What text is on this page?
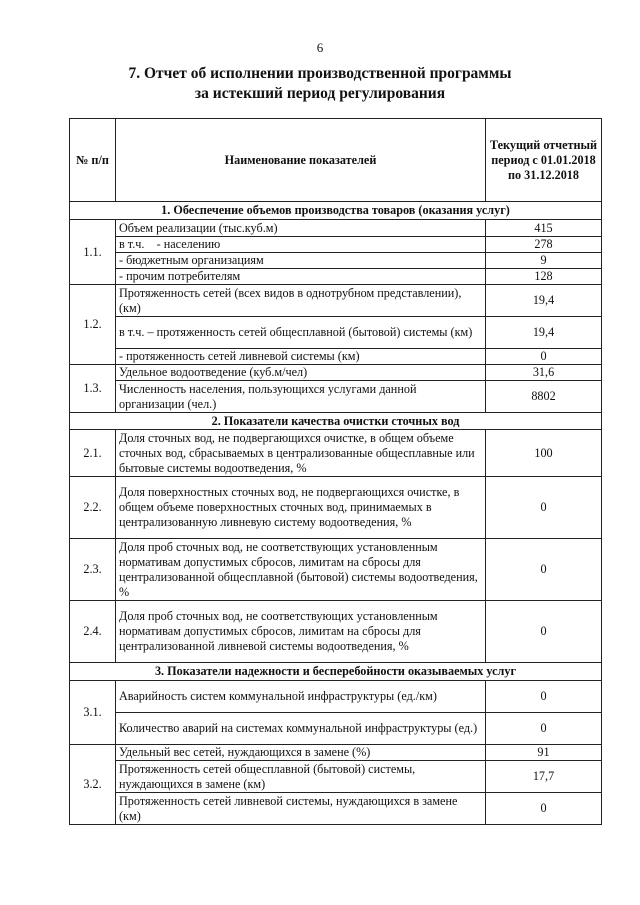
6
7. Отчет об исполнении производственной программы
за истекший период регулирования
№ п/п	Наименование показателей	Текущий отчетный период с 01.01.2018 по 31.12.2018
1. Обеспечение объемов производства товаров (оказания услуг)		
1.1.	Объем реализации (тыс.куб.м)	415
	в т.ч.    - населению	278
	- бюджетным организациям	9
	- прочим потребителям	128
1.2.	Протяженность сетей (всех видов в однотрубном представлении), (км)	19,4
	в т.ч. – протяженность сетей общесплавной (бытовой) системы (км)	19,4
	- протяженность сетей ливневой системы (км)	0
1.3.	Удельное водоотведение (куб.м/чел)	31,6
	Численность населения, пользующихся услугами данной организации (чел.)	8802
2. Показатели качества очистки сточных вод		
2.1.	Доля сточных вод, не подвергающихся очистке, в общем объеме сточных вод, сбрасываемых в централизованные общесплавные или бытовые системы водоотведения, %	100
2.2.	Доля поверхностных сточных вод, не подвергающихся очистке, в общем объеме поверхностных сточных вод, принимаемых в централизованную ливневую систему водоотведения, %	0
2.3.	Доля проб сточных вод, не соответствующих установленным нормативам допустимых сбросов, лимитам на сбросы для централизованной общесплавной (бытовой) системы водоотведения, %	0
2.4.	Доля проб сточных вод, не соответствующих установленным нормативам допустимых сбросов, лимитам на сбросы для централизованной ливневой системы водоотведения, %	0
3. Показатели надежности и бесперебойности оказываемых услуг		
3.1.	Аварийность систем коммунальной инфраструктуры (ед./км)	0
	Количество аварий на системах коммунальной инфраструктуры (ед.)	0
3.2.	Удельный вес сетей, нуждающихся в замене (%)	91
	Протяженность сетей общесплавной (бытовой) системы, нуждающихся в замене (км)	17,7
	Протяженность сетей ливневой системы, нуждающихся в замене (км)	0
